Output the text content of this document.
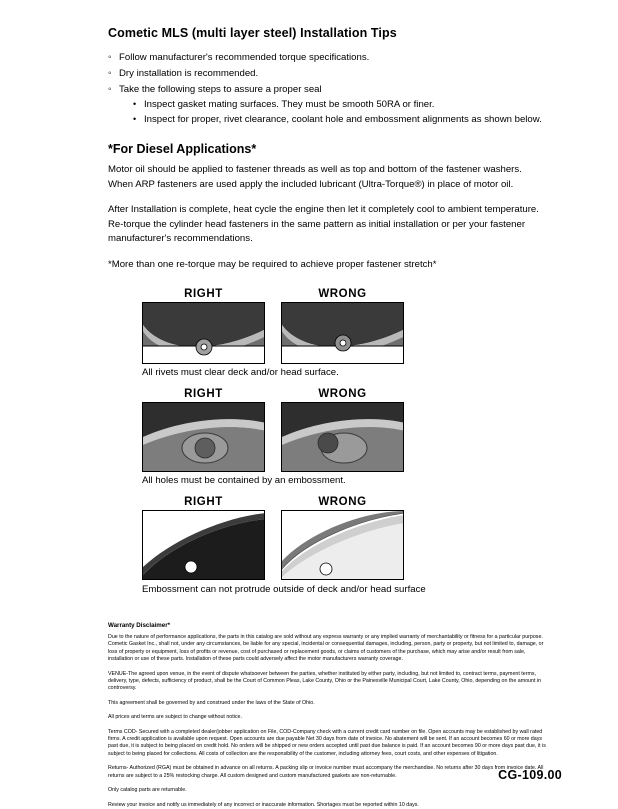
Cometic MLS (multi layer steel) Installation Tips
◦ Follow manufacturer's recommended torque specifications.
◦ Dry installation is recommended.
◦ Take the following steps to assure a proper seal
• Inspect gasket mating surfaces. They must be smooth 50RA or finer.
• Inspect for proper, rivet clearance, coolant hole and embossment alignments as shown below.
*For Diesel Applications*

Motor oil should be applied to fastener threads as well as top and bottom of the fastener washers. When ARP fasteners are used apply the included lubricant (Ultra-Torque®) in place of motor oil.

After Installation is complete, heat cycle the engine then let it completely cool to ambient temperature. Re-torque the cylinder head fasteners in the same pattern as initial installation or per your fastener manufacturer's recommendations.

*More than one re-torque may be required to achieve proper fastener stretch*

RIGHT	WRONG
All rivets must clear deck and/or head surface.
RIGHT	WRONG
All holes must be contained by an embossment.
RIGHT	WRONG
Embossment can not protrude outside of deck and/or head surface
Warranty Disclaimer*

Due to the nature of performance applications, the parts in this catalog are sold without any express warranty or any implied warranty of merchantability or fitness for a particular purpose. Cometic Gasket Inc., shall not, under any circumstances, be liable for any special, incidental or consequential damages, including, person, party or property, but not limited to, damage, or loss of property or equipment, loss of profits or revenue, cost of purchased or replacement goods, or claims of customers of the purchase, which may arise and/or result from sale, installation or use of these parts. Installation of these parts could adversely affect the motor manufacturers warranty coverage.

VENUE-The agreed upon venue, in the event of dispute whatsoever between the parties, whether instituted by either party, including, but not limited to, contract terms, payment terms, delivery, type, defects, sufficiency of product, shall be the Court of Common Pleas, Lake County, Ohio or the Painesville Municipal Court, Lake County, Ohio, depending on the amount in controversy.

This agreement shall be governed by and construed under the laws of the State of Ohio.

All prices and terms are subject to change without notice.

Terms COD- Secured with a completed dealer/jobber application on File, COD-Company check with a current credit card number on file. Open accounts may be established by wall rated firms. A credit application is available upon request. Open accounts are due payable Net 30 days from date of invoice. No abatement will be sent. If an account becomes 60 or more days past due, it is subject to being placed on credit hold. No orders will be shipped or new orders accepted until past due balance is paid. If an account becomes 90 or more days past due, it is subject to being placed for collections. All costs of collection are the responsibility of the customer, including attorney fees, court costs, and other expenses of litigation.

Returns- Authorized (RGA) must be obtained in advance on all returns. A packing slip or invoice number must accompany the merchandise. No returns after 30 days from invoice date. All returns are subject to a 25% restocking charge. All custom designed and custom manufactured gaskets are non-returnable.

Only catalog parts are returnable.

Review your invoice and notify us immediately of any incorrect or inaccurate information. Shortages must be reported within 10 days.

CG-109.00
